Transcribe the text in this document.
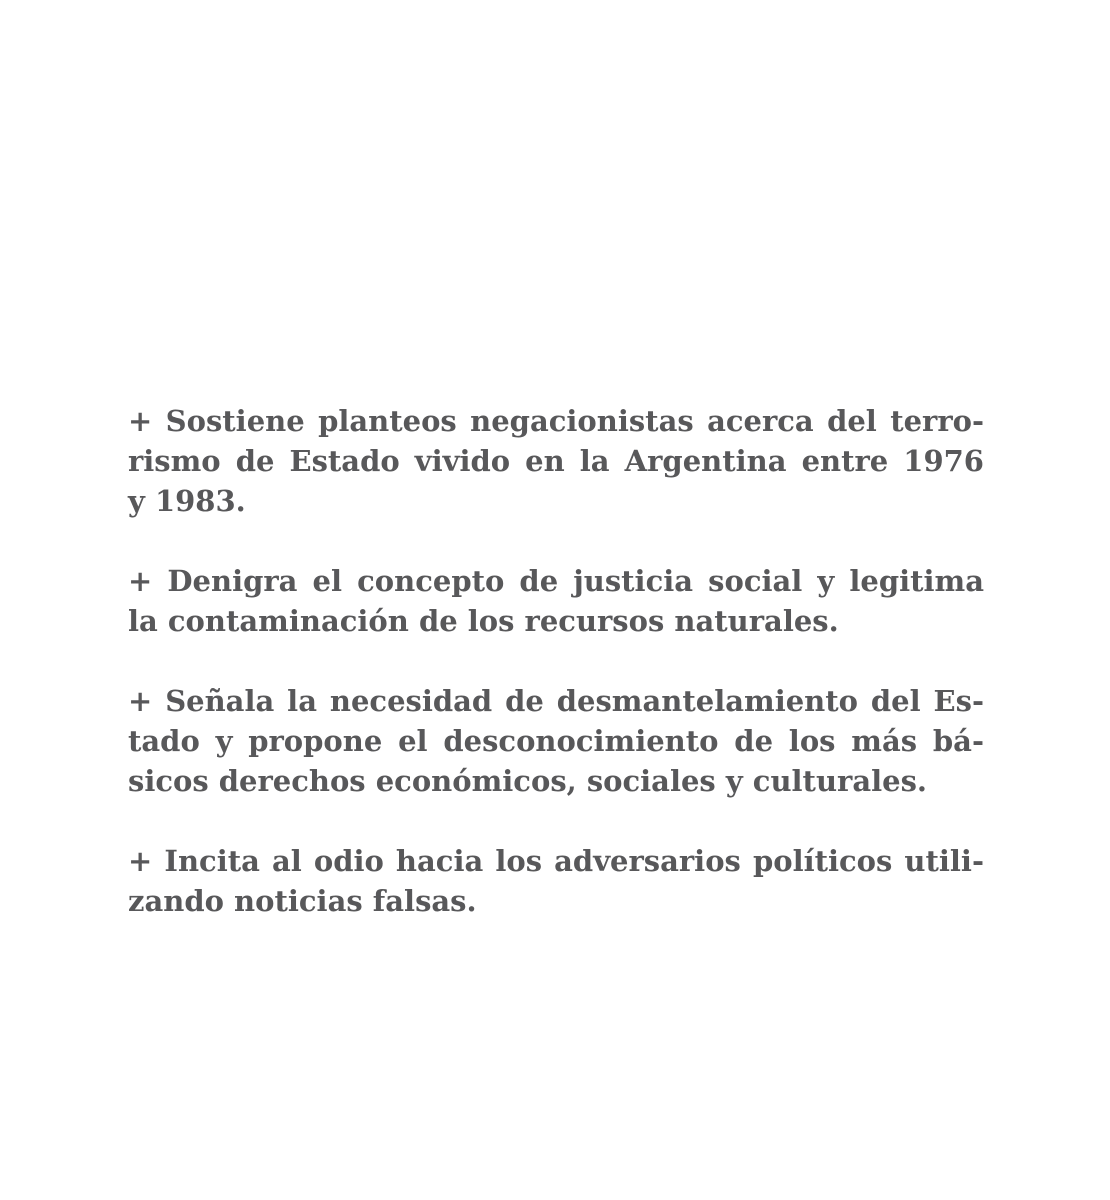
+ Sostiene planteos negacionistas acerca del terro-
rismo de Estado vivido en la Argentina entre 1976
y 1983.
+ Denigra el concepto de justicia social y legitima
la contaminación de los recursos naturales.
+ Señala la necesidad de desmantelamiento del Es-
tado y propone el desconocimiento de los más bá-
sicos derechos económicos, sociales y culturales.
+ Incita al odio hacia los adversarios políticos utili-
zando noticias falsas.
